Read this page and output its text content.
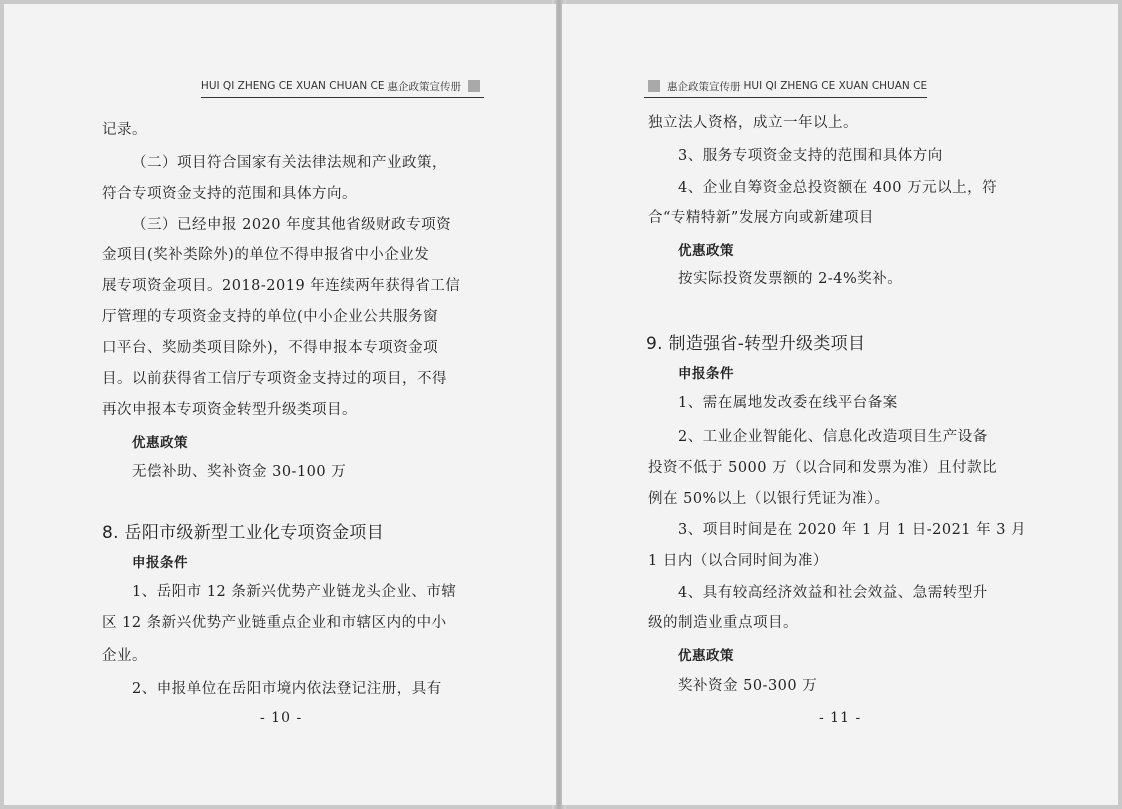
HUI QI ZHENG CE XUAN CHUAN CE 惠企政策宣传册
记录。
（二）项目符合国家有关法律法规和产业政策，
符合专项资金支持的范围和具体方向。
（三）已经申报 2020 年度其他省级财政专项资
金项目(奖补类除外)的单位不得申报省中小企业发
展专项资金项目。2018-2019 年连续两年获得省工信
厅管理的专项资金支持的单位(中小企业公共服务窗
口平台、奖励类项目除外)，不得申报本专项资金项
目。以前获得省工信厅专项资金支持过的项目，不得
再次申报本专项资金转型升级类项目。
优惠政策
无偿补助、奖补资金 30-100 万
8. 岳阳市级新型工业化专项资金项目
申报条件
1、岳阳市 12 条新兴优势产业链龙头企业、市辖
区 12 条新兴优势产业链重点企业和市辖区内的中小
企业。
2、申报单位在岳阳市境内依法登记注册，具有
- 10 -
惠企政策宣传册 HUI QI ZHENG CE XUAN CHUAN CE
独立法人资格，成立一年以上。
3、服务专项资金支持的范围和具体方向
4、企业自筹资金总投资额在 400 万元以上，符
合“专精特新”发展方向或新建项目
优惠政策
按实际投资发票额的 2-4%奖补。
9. 制造强省-转型升级类项目
申报条件
1、需在属地发改委在线平台备案
2、工业企业智能化、信息化改造项目生产设备
投资不低于 5000 万（以合同和发票为准）且付款比
例在 50%以上（以银行凭证为准）。
3、项目时间是在 2020 年 1 月 1 日-2021 年 3 月
1 日内（以合同时间为准）
4、具有较高经济效益和社会效益、急需转型升
级的制造业重点项目。
优惠政策
奖补资金 50-300 万
- 11 -
